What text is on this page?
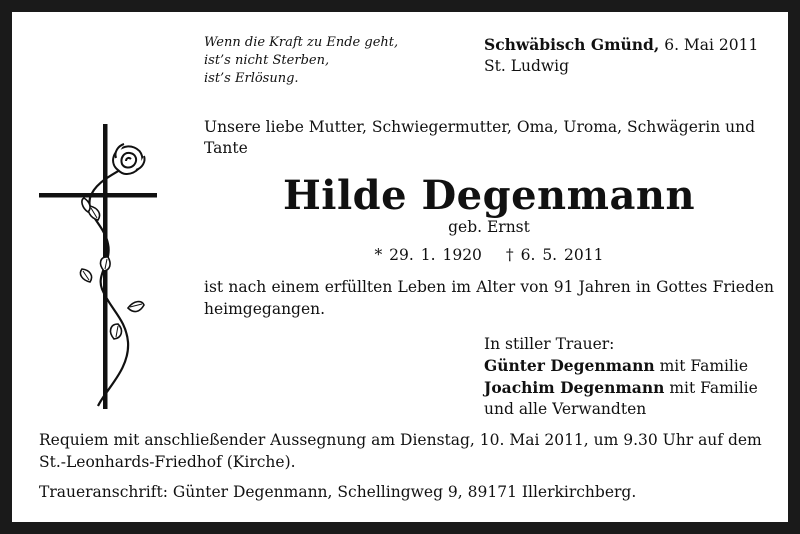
Wenn die Kraft zu Ende geht,
ist’s nicht Sterben,
ist’s Erlösung.
Schwäbisch Gmünd, 6. Mai 2011
St. Ludwig
Unsere liebe Mutter, Schwiegermutter, Oma, Uroma, Schwägerin und Tante
Hilde Degenmann
geb. Ernst
* 29. 1. 1920 † 6. 5. 2011
ist nach einem erfüllten Leben im Alter von 91 Jahren in Gottes Frieden heimgegangen.
In stiller Trauer:
Günter Degenmann mit Familie
Joachim Degenmann mit Familie
und alle Verwandten
Requiem mit anschließender Aussegnung am Dienstag, 10. Mai 2011, um 9.30 Uhr auf dem St.-Leonhards-Friedhof (Kirche).
Traueranschrift: Günter Degenmann, Schellingweg 9, 89171 Illerkirchberg.
